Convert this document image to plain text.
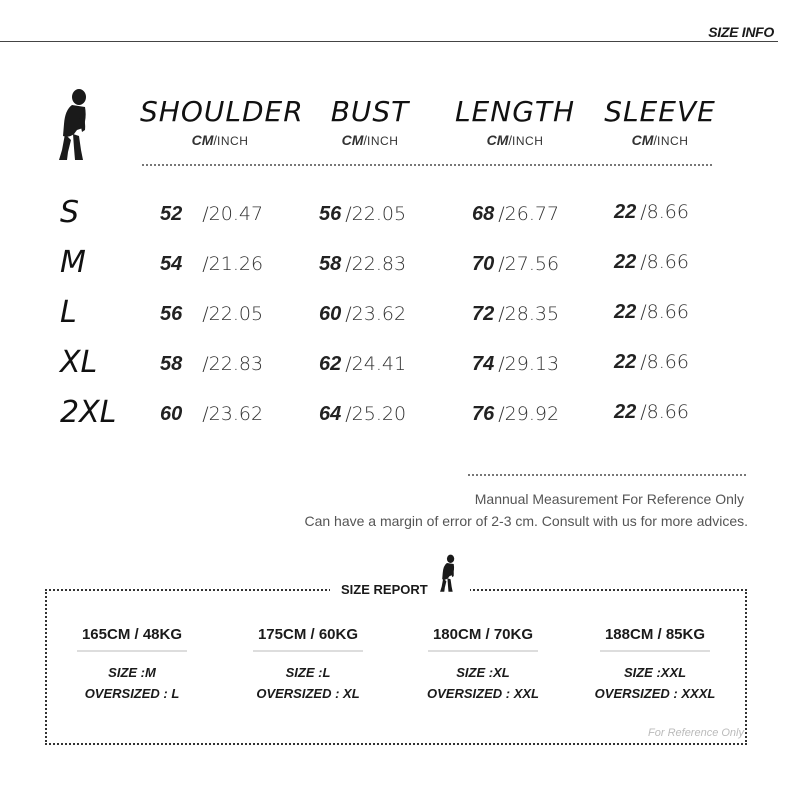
SIZE INFO
SHOULDER
CM/INCH
BUST
CM/INCH
LENGTH
CM/INCH
SLEEVE
CM/INCH
S	52 /20.47	56 /22.05	68 /26.77	22 /8.66
M	54 /21.26	58 /22.83	70 /27.56	22 /8.66
L	56 /22.05	60 /23.62	72 /28.35	22 /8.66
XL	58 /22.83	62 /24.41	74 /29.13	22 /8.66
2XL 60 /23.62	64 /25.20	76 /29.92	22 /8.66
Mannual Measurement For Reference Only
Can have a margin of error of 2-3 cm. Consult with us for more advices.
SIZE REPORT
165CM / 48KG
SIZE :M
OVERSIZED : L
175CM / 60KG
SIZE :L
OVERSIZED : XL
180CM / 70KG
SIZE :XL
OVERSIZED : XXL
188CM / 85KG
SIZE :XXL
OVERSIZED : XXXL
For Reference Only
